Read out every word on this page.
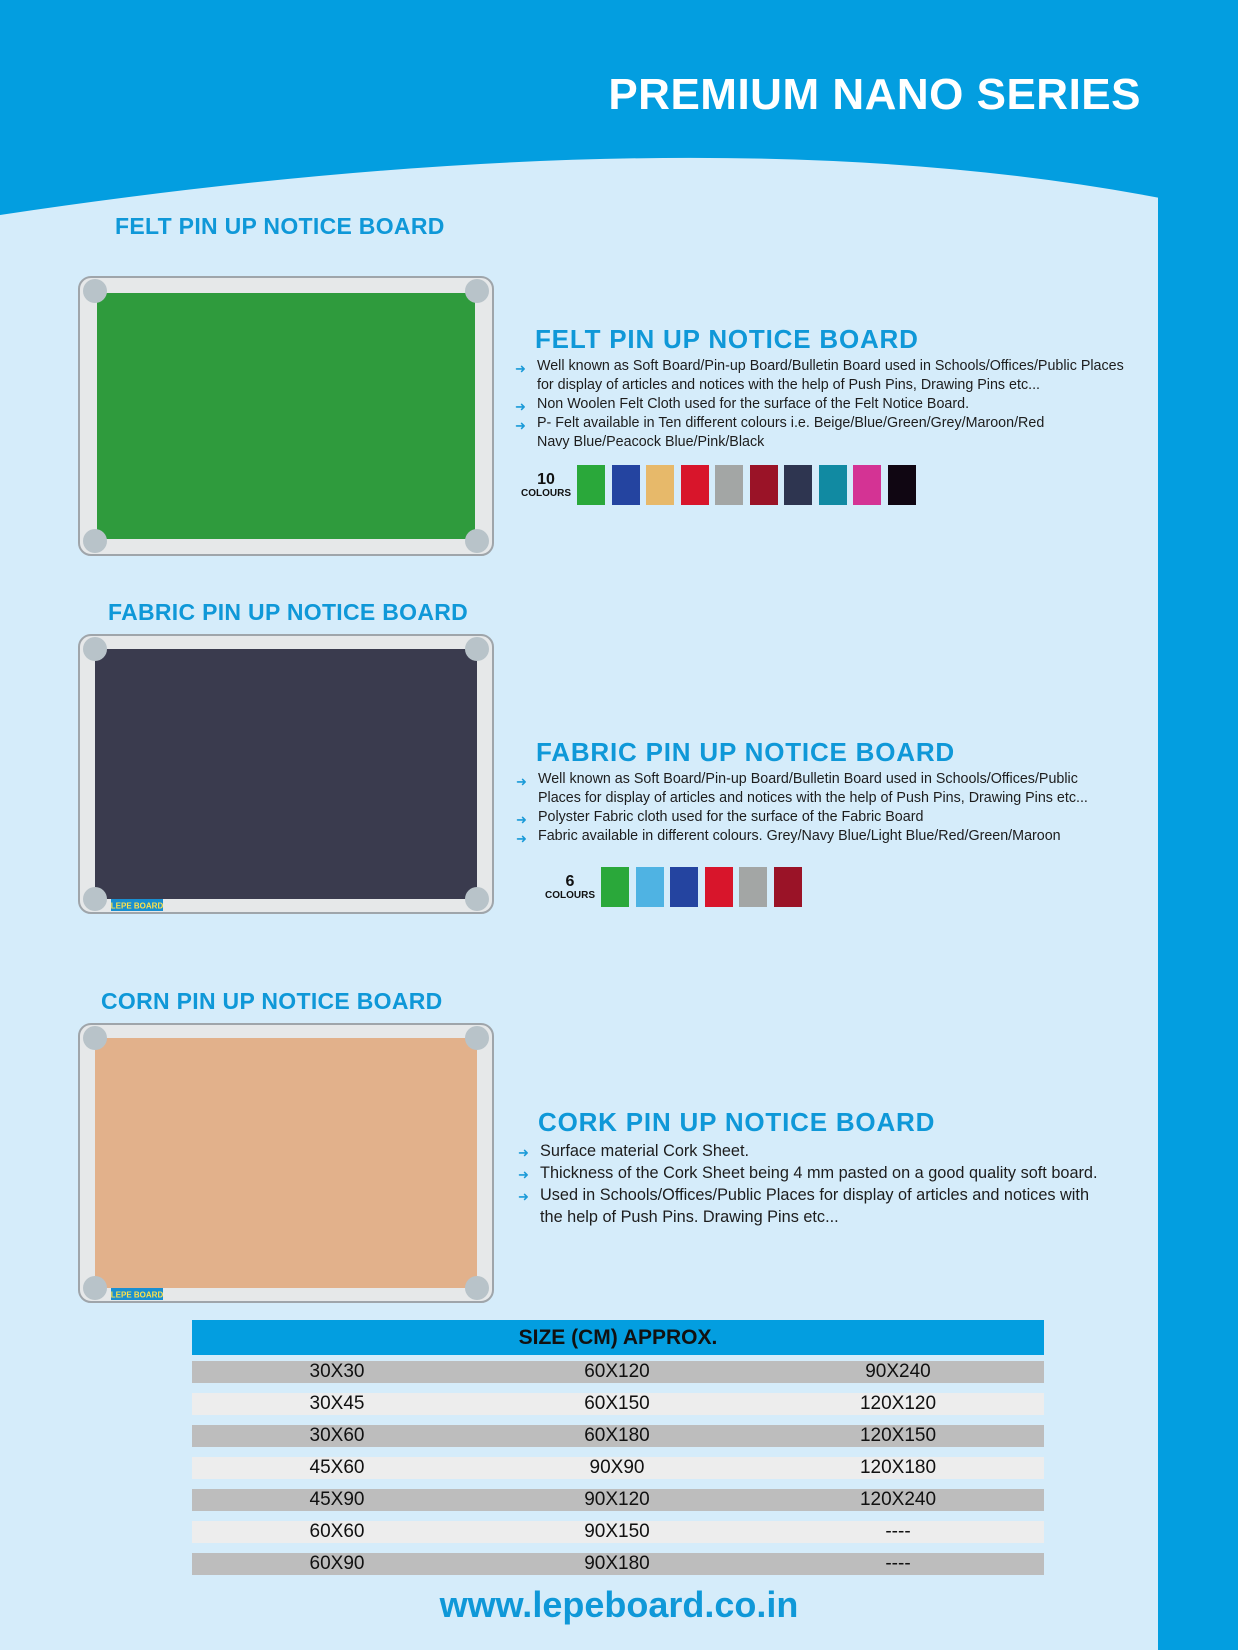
PREMIUM NANO SERIES
FELT PIN UP NOTICE BOARD
FABRIC PIN UP NOTICE BOARD
CORN PIN UP NOTICE BOARD
LEPE BOARD
LEPE BOARD
FELT PIN UP NOTICE BOARD
➜ Well known as Soft Board/Pin-up Board/Bulletin Board used in Schools/Offices/Public Places
for display of articles and notices with the help of Push Pins, Drawing Pins etc...
➜ Non Woolen Felt Cloth used for the surface of the Felt Notice Board.
➜ P- Felt available in Ten different colours i.e. Beige/Blue/Green/Grey/Maroon/Red
Navy Blue/Peacock Blue/Pink/Black
10
COLOURS
FABRIC PIN UP NOTICE BOARD
➜ Well known as Soft Board/Pin-up Board/Bulletin Board used in Schools/Offices/Public
Places for display of articles and notices with the help of Push Pins, Drawing Pins etc...
➜ Polyster Fabric cloth used for the surface of the Fabric Board
➜ Fabric available in different colours. Grey/Navy Blue/Light Blue/Red/Green/Maroon
6
COLOURS
CORK PIN UP NOTICE BOARD
➜ Surface material Cork Sheet.
➜ Thickness of the Cork Sheet being 4 mm pasted on a good quality soft board.
➜ Used in Schools/Offices/Public Places for display of articles and notices with
the help of Push Pins. Drawing Pins etc...
SIZE (CM) APPROX.
30X30	60X120	90X240
30X45	60X150	120X120
30X60	60X180	120X150
45X60	90X90	120X180
45X90	90X120	120X240
60X60	90X150	----
60X90	90X180	----
www.lepeboard.co.in
